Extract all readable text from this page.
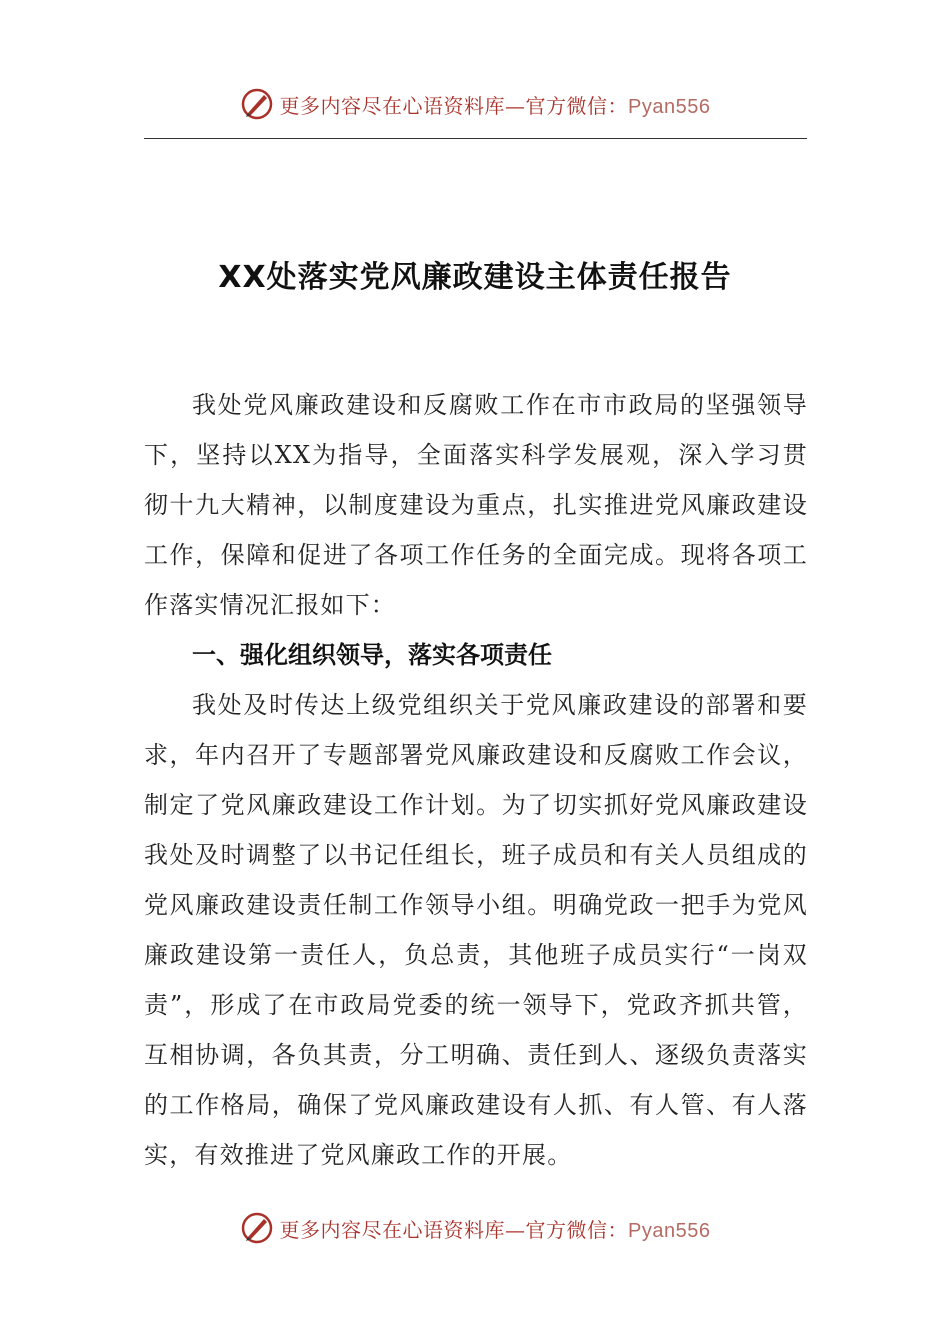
更多内容尽在心语资料库—官方微信：Pyan556
XX处落实党风廉政建设主体责任报告

我处党风廉政建设和反腐败工作在市市政局的坚强领导下，坚持以XX为指导，全面落实科学发展观，深入学习贯彻十九大精神，以制度建设为重点，扎实推进党风廉政建设工作，保障和促进了各项工作任务的全面完成。现将各项工作落实情况汇报如下：

一、强化组织领导，落实各项责任

我处及时传达上级党组织关于党风廉政建设的部署和要求，年内召开了专题部署党风廉政建设和反腐败工作会议，制定了党风廉政建设工作计划。为了切实抓好党风廉政建设我处及时调整了以书记任组长，班子成员和有关人员组成的党风廉政建设责任制工作领导小组。明确党政一把手为党风廉政建设第一责任人，负总责，其他班子成员实行“一岗双责”，形成了在市政局党委的统一领导下，党政齐抓共管，互相协调，各负其责，分工明确、责任到人、逐级负责落实的工作格局，确保了党风廉政建设有人抓、有人管、有人落实，有效推进了党风廉政工作的开展。

更多内容尽在心语资料库—官方微信：Pyan556
